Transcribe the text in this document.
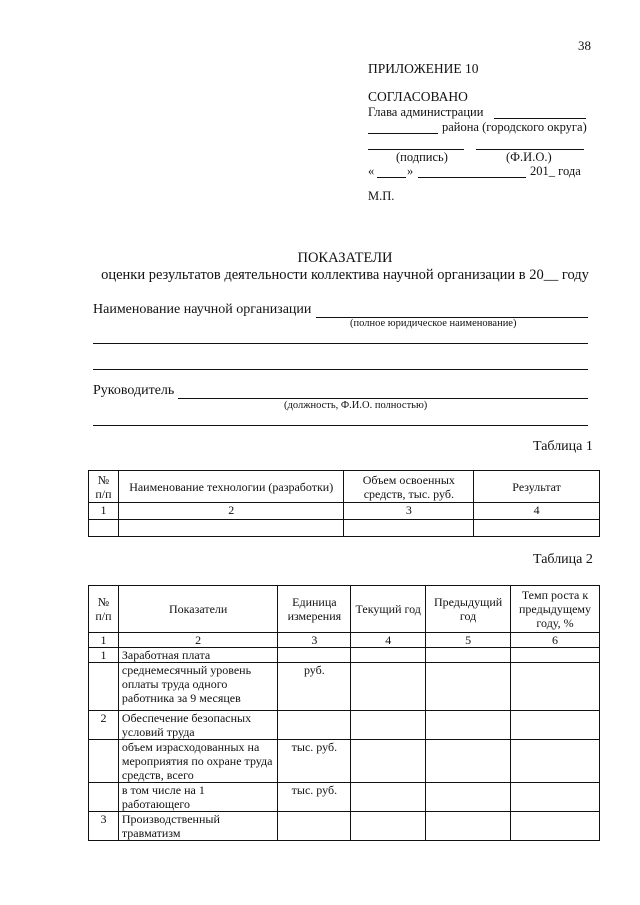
38
ПРИЛОЖЕНИЕ 10
СОГЛАСОВАНО
Глава администрации
района (городского округа)
(подпись)	(Ф.И.О.)
«	»	201_ года
М.П.
ПОКАЗАТЕЛИ
оценки результатов деятельности коллектива научной организации в 20__ году
Наименование научной организации
(полное юридическое наименование)
Руководитель
(должность, Ф.И.О. полностью)
Таблица 1
№ п/п	Наименование технологии (разработки)	Объем освоенных средств, тыс. руб.	Результат
1	2	3	4

Таблица 2
№ п/п	Показатели	Единица измерения	Текущий год	Предыдущий год	Темп роста к предыдущему году, %
1	2	3	4	5	6
1	Заработная плата				
	среднемесячный уровень оплаты труда одного работника за 9 месяцев	руб.			
2	Обеспечение безопасных условий труда				
	объем израсходованных на мероприятия по охране труда средств, всего	тыс. руб.			
	в том числе на 1 работающего	тыс. руб.			
3	Производственный травматизм				
